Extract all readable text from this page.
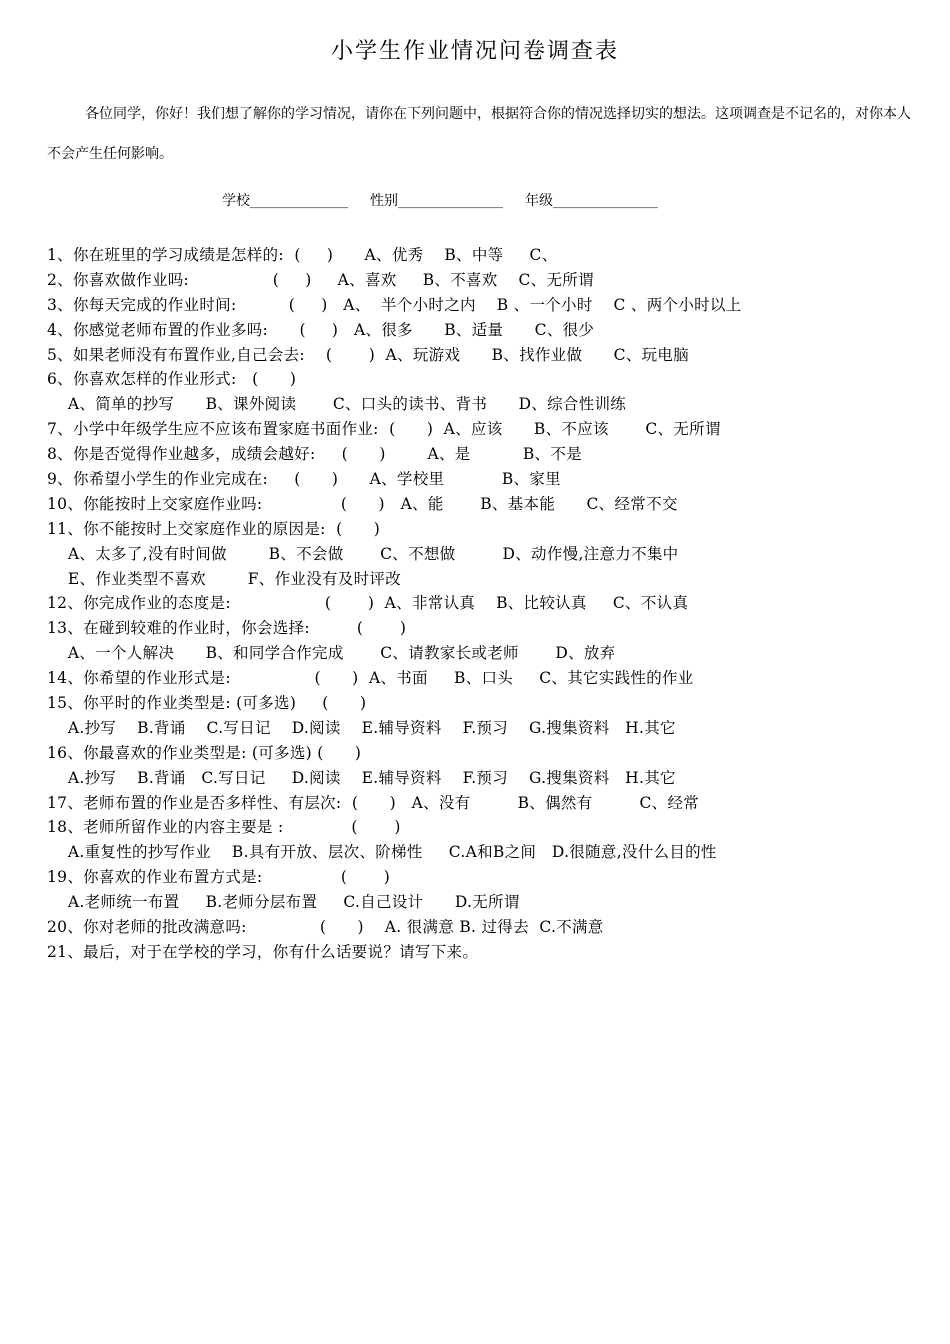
小学生作业情况问卷调查表
各位同学，你好！我们想了解你的学习情况，请你在下列问题中，根据符合你的情况选择切实的想法。这项调查是不记名的，对你本人不会产生任何影响。
学校______________ 性别_______________ 年级_______________
1、你在班里的学习成绩是怎样的:  (     )      A、优秀    B、中等     C、
2、你喜欢做作业吗:                (     )     A、喜欢     B、不喜欢    C、无所谓
3、你每天完成的作业时间:          (     )   A、  半个小时之内    B 、一个小时    C 、两个小时以上
4、你感觉老师布置的作业多吗:      (     )   A、很多      B、适量      C、很少
5、如果老师没有布置作业,自己会去:    (       )  A、玩游戏      B、找作业做      C、玩电脑
6、你喜欢怎样的作业形式:   (      )
A、简单的抄写      B、课外阅读       C、口头的读书、背书      D、综合性训练
7、小学中年级学生应不应该布置家庭书面作业:  (      )  A、应该      B、不应该       C、无所谓
8、你是否觉得作业越多，成绩会越好:     (      )        A、是          B、不是
9、你希望小学生的作业完成在:     (      )      A、学校里           B、家里
10、你能按时上交家庭作业吗:               (      )   A、能       B、基本能      C、经常不交
11、你不能按时上交家庭作业的原因是:  (      )
A、太多了,没有时间做        B、不会做       C、不想做         D、动作慢,注意力不集中
E、作业类型不喜欢        F、作业没有及时评改
12、你完成作业的态度是:                  (       )  A、非常认真    B、比较认真     C、不认真
13、在碰到较难的作业时，你会选择:         (       )
A、一个人解决      B、和同学合作完成       C、请教家长或老师       D、放弃
14、你希望的作业形式是:                (      )  A、书面     B、口头     C、其它实践性的作业
15、你平时的作业类型是: (可多选)     (      )
A.抄写    B.背诵    C.写日记    D.阅读    E.辅导资料    F.预习    G.搜集资料   H.其它
16、你最喜欢的作业类型是: (可多选) (      )
A.抄写    B.背诵   C.写日记     D.阅读    E.辅导资料    F.预习    G.搜集资料   H.其它
17、老师布置的作业是否多样性、有层次:  (      )   A、没有         B、偶然有         C、经常
18、老师所留作业的内容主要是 :             (       )
A.重复性的抄写作业    B.具有开放、层次、阶梯性     C.A和B之间   D.很随意,没什么目的性
19、你喜欢的作业布置方式是:               (       )
A.老师统一布置     B.老师分层布置     C.自己设计      D.无所谓
20、你对老师的批改满意吗:              (      )    A. 很满意 B. 过得去  C.不满意
21、最后，对于在学校的学习，你有什么话要说？请写下来。
